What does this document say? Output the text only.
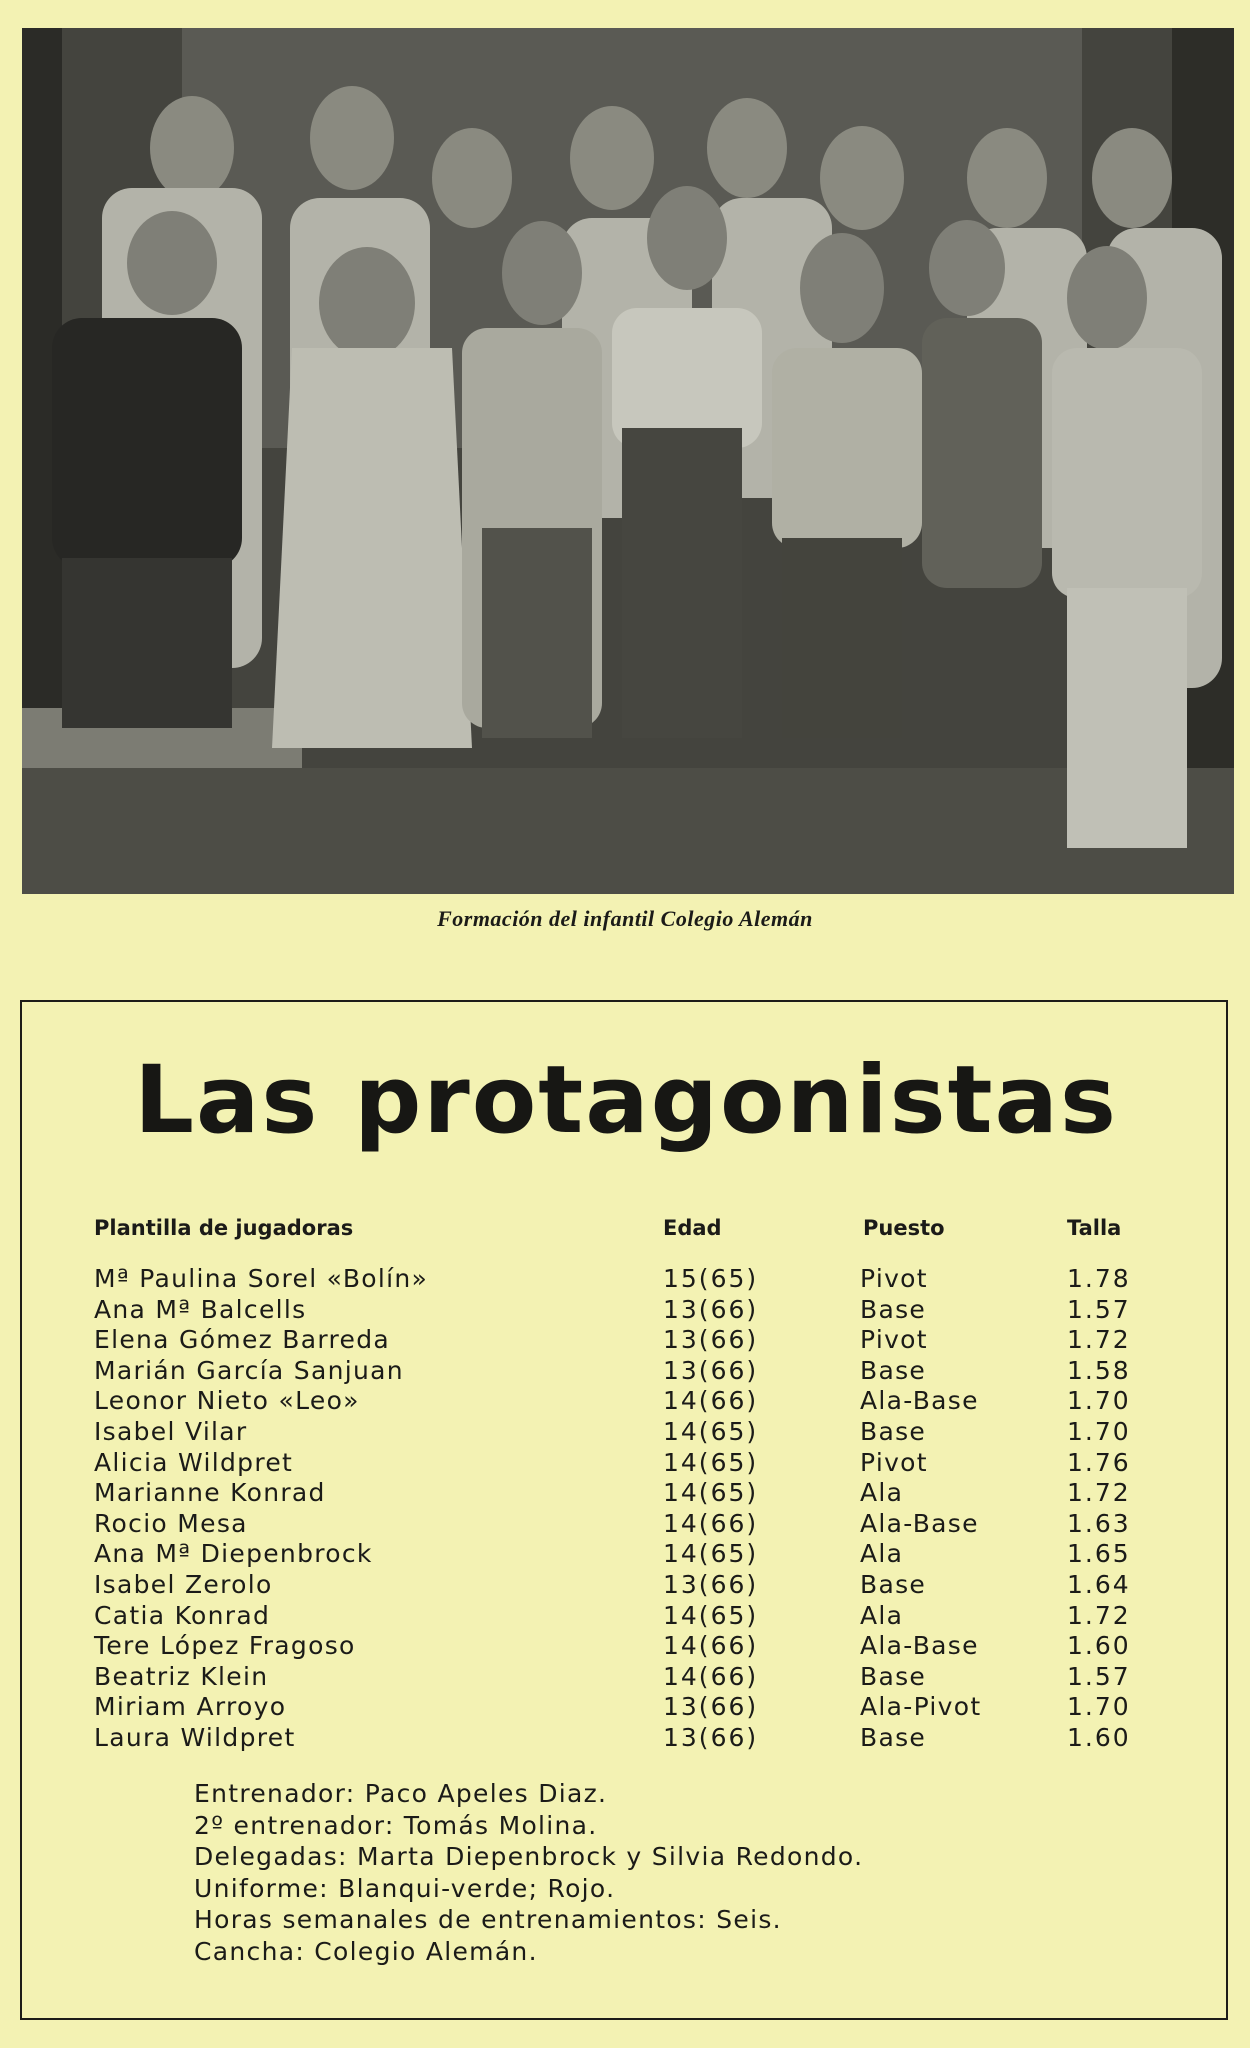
Formación del infantil Colegio Alemán
Las protagonistas
Plantilla de jugadoras	Edad	Puesto	Talla
Mª Paulina Sorel «Bolín»	15(65)	Pivot	1.78
Ana Mª Balcells	13(66)	Base	1.57
Elena Gómez Barreda	13(66)	Pivot	1.72
Marián García Sanjuan	13(66)	Base	1.58
Leonor Nieto «Leo»	14(66)	Ala-Base	1.70
Isabel Vilar	14(65)	Base	1.70
Alicia Wildpret	14(65)	Pivot	1.76
Marianne Konrad	14(65)	Ala	1.72
Rocio Mesa	14(66)	Ala-Base	1.63
Ana Mª Diepenbrock	14(65)	Ala	1.65
Isabel Zerolo	13(66)	Base	1.64
Catia Konrad	14(65)	Ala	1.72
Tere López Fragoso	14(66)	Ala-Base	1.60
Beatriz Klein	14(66)	Base	1.57
Miriam Arroyo	13(66)	Ala-Pivot	1.70
Laura Wildpret	13(66)	Base	1.60
Entrenador: Paco Apeles Diaz.
2º entrenador: Tomás Molina.
Delegadas: Marta Diepenbrock y Silvia Redondo.
Uniforme: Blanqui-verde; Rojo.
Horas semanales de entrenamientos: Seis.
Cancha: Colegio Alemán.
